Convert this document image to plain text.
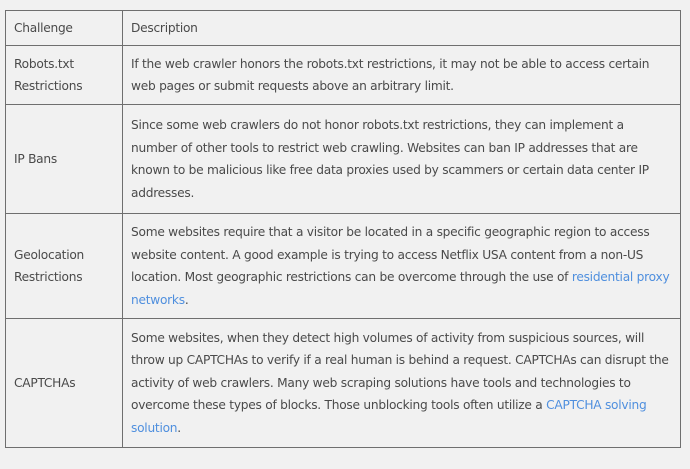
Challenge	Description
Robots.txt Restrictions	If the web crawler honors the robots.txt restrictions, it may not be able to access certain web pages or submit requests above an arbitrary limit.
IP Bans	Since some web crawlers do not honor robots.txt restrictions, they can implement a number of other tools to restrict web crawling. Websites can ban IP addresses that are known to be malicious like free data proxies used by scammers or certain data center IP addresses.
Geolocation Restrictions	Some websites require that a visitor be located in a specific geographic region to access website content. A good example is trying to access Netflix USA content from a non-US location. Most geographic restrictions can be overcome through the use of residential proxy networks.
CAPTCHAs	Some websites, when they detect high volumes of activity from suspicious sources, will throw up CAPTCHAs to verify if a real human is behind a request. CAPTCHAs can disrupt the activity of web crawlers. Many web scraping solutions have tools and technologies to overcome these types of blocks. Those unblocking tools often utilize a CAPTCHA solving solution.
